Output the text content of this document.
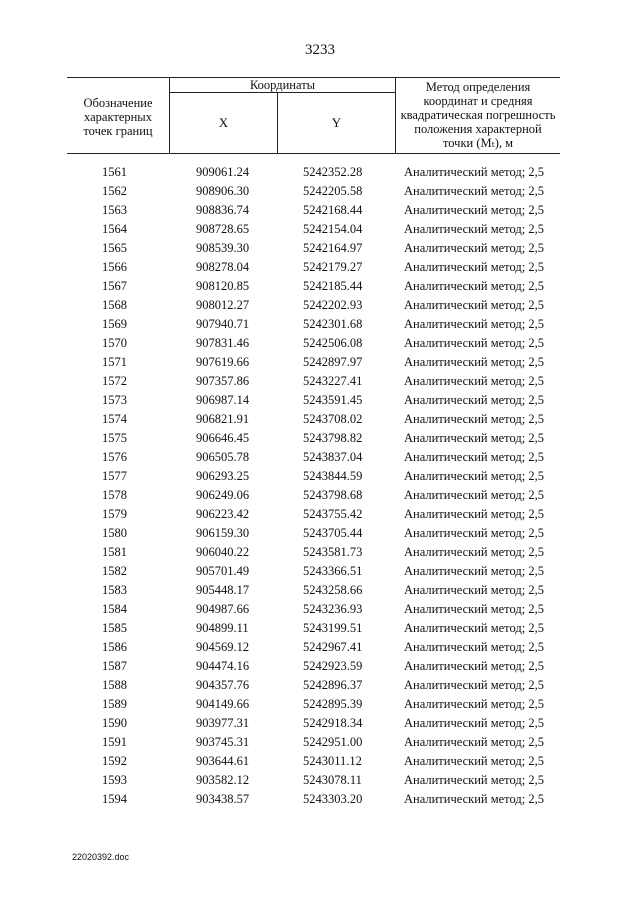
3233
Обозначение характерных точек границ
Координаты
X	Y
Метод определения координат и средняя квадратическая погрешность положения характерной точки (Mₜ), м
1561	909061.24	5242352.28	Аналитический метод; 2,5
1562	908906.30	5242205.58	Аналитический метод; 2,5
1563	908836.74	5242168.44	Аналитический метод; 2,5
1564	908728.65	5242154.04	Аналитический метод; 2,5
1565	908539.30	5242164.97	Аналитический метод; 2,5
1566	908278.04	5242179.27	Аналитический метод; 2,5
1567	908120.85	5242185.44	Аналитический метод; 2,5
1568	908012.27	5242202.93	Аналитический метод; 2,5
1569	907940.71	5242301.68	Аналитический метод; 2,5
1570	907831.46	5242506.08	Аналитический метод; 2,5
1571	907619.66	5242897.97	Аналитический метод; 2,5
1572	907357.86	5243227.41	Аналитический метод; 2,5
1573	906987.14	5243591.45	Аналитический метод; 2,5
1574	906821.91	5243708.02	Аналитический метод; 2,5
1575	906646.45	5243798.82	Аналитический метод; 2,5
1576	906505.78	5243837.04	Аналитический метод; 2,5
1577	906293.25	5243844.59	Аналитический метод; 2,5
1578	906249.06	5243798.68	Аналитический метод; 2,5
1579	906223.42	5243755.42	Аналитический метод; 2,5
1580	906159.30	5243705.44	Аналитический метод; 2,5
1581	906040.22	5243581.73	Аналитический метод; 2,5
1582	905701.49	5243366.51	Аналитический метод; 2,5
1583	905448.17	5243258.66	Аналитический метод; 2,5
1584	904987.66	5243236.93	Аналитический метод; 2,5
1585	904899.11	5243199.51	Аналитический метод; 2,5
1586	904569.12	5242967.41	Аналитический метод; 2,5
1587	904474.16	5242923.59	Аналитический метод; 2,5
1588	904357.76	5242896.37	Аналитический метод; 2,5
1589	904149.66	5242895.39	Аналитический метод; 2,5
1590	903977.31	5242918.34	Аналитический метод; 2,5
1591	903745.31	5242951.00	Аналитический метод; 2,5
1592	903644.61	5243011.12	Аналитический метод; 2,5
1593	903582.12	5243078.11	Аналитический метод; 2,5
1594	903438.57	5243303.20	Аналитический метод; 2,5
22020392.doc	· · · · ·
